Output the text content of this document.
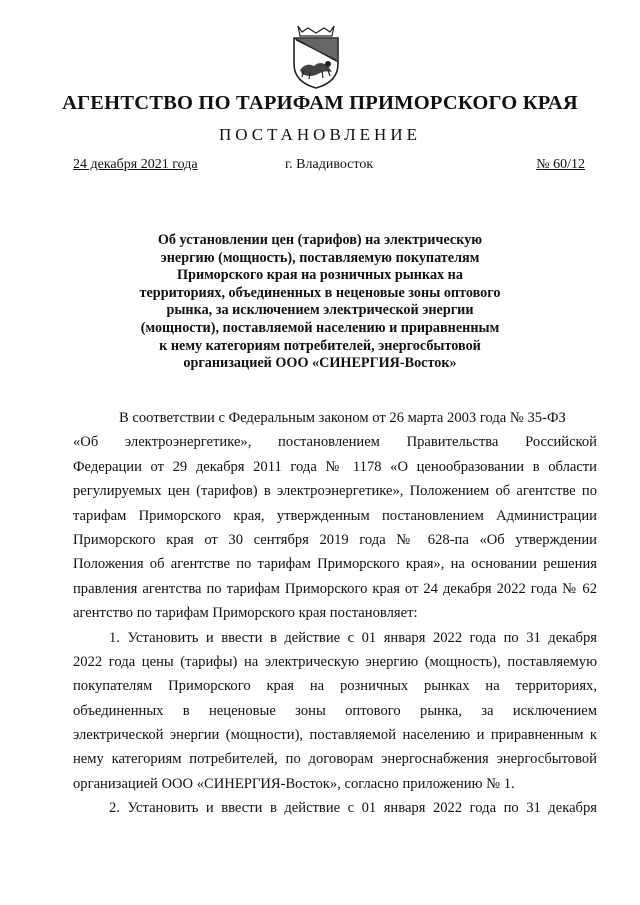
АГЕНТСТВО ПО ТАРИФАМ ПРИМОРСКОГО КРАЯ
ПОСТАНОВЛЕНИЕ
24 декабря 2021 года	г. Владивосток	№ 60/12
Об установлении цен (тарифов) на электрическую
энергию (мощность), поставляемую покупателям
Приморского края на розничных рынках на
территориях, объединенных в неценовые зоны оптового
рынка, за исключением электрической энергии
(мощности), поставляемой населению и приравненным
к нему категориям потребителей, энергосбытовой
организацией ООО «СИНЕРГИЯ-Восток»
В соответствии с Федеральным законом от 26 марта 2003 года № 35-ФЗ
«Об электроэнергетике», постановлением Правительства Российской
Федерации от 29 декабря 2011 года № 1178 «О ценообразовании в области
регулируемых цен (тарифов) в электроэнергетике», Положением об агентстве по
тарифам Приморского края, утвержденным постановлением Администрации
Приморского края от 30 сентября 2019 года № 628-па «Об утверждении
Положения об агентстве по тарифам Приморского края», на основании решения
правления агентства по тарифам Приморского края от 24 декабря 2022 года № 62
агентство по тарифам Приморского края постановляет:
1. Установить и ввести в действие с 01 января 2022 года по 31 декабря
2022 года цены (тарифы) на электрическую энергию (мощность), поставляемую
покупателям Приморского края на розничных рынках на территориях,
объединенных в неценовые зоны оптового рынка, за исключением
электрической энергии (мощности), поставляемой населению и приравненным к
нему категориям потребителей, по договорам энергоснабжения энергосбытовой
организацией ООО «СИНЕРГИЯ-Восток», согласно приложению № 1.
2. Установить и ввести в действие с 01 января 2022 года по 31 декабря
